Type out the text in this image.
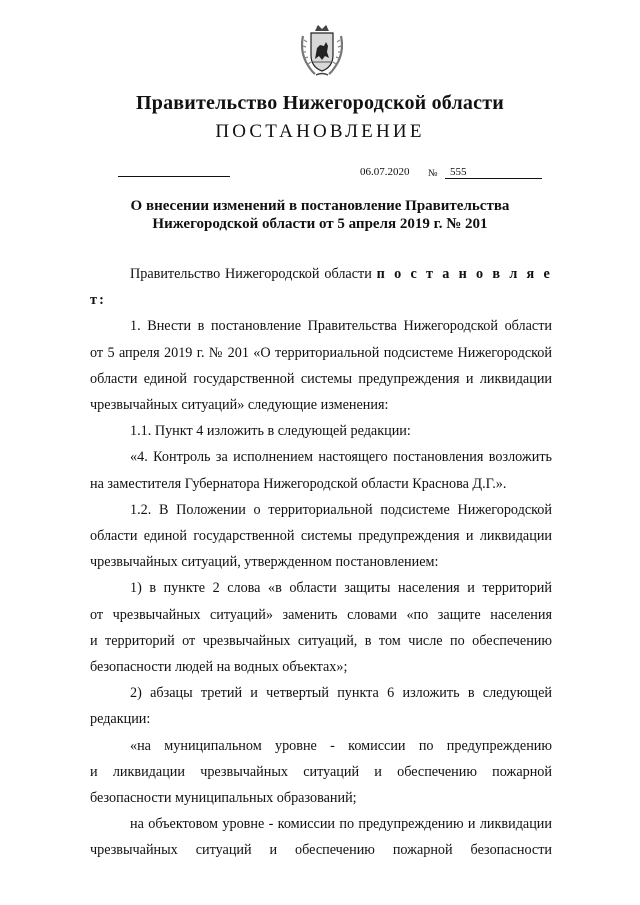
Правительство Нижегородской области
ПОСТАНОВЛЕНИЕ
06.07.2020 № 555
О внесении изменений в постановление Правительства
Нижегородской области от 5 апреля 2019 г. № 201

Правительство Нижегородской области п о с т а н о в л я е т:

1. Внести в постановление Правительства Нижегородской области

от 5 апреля 2019 г. № 201 «О территориальной подсистеме Нижегородской

области единой государственной системы предупреждения и ликвидации

чрезвычайных ситуаций» следующие изменения:

1.1. Пункт 4 изложить в следующей редакции:

«4. Контроль за исполнением настоящего постановления возложить

на заместителя Губернатора Нижегородской области Краснова Д.Г.».

1.2. В Положении о территориальной подсистеме Нижегородской

области единой государственной системы предупреждения и ликвидации

чрезвычайных ситуаций, утвержденном постановлением:

1) в пункте 2 слова «в области защиты населения и территорий

от чрезвычайных ситуаций» заменить словами «по защите населения

и территорий от чрезвычайных ситуаций, в том числе по обеспечению

безопасности людей на водных объектах»;

2) абзацы третий и четвертый пункта 6 изложить в следующей

редакции:

«на муниципальном уровне - комиссии по предупреждению

и ликвидации чрезвычайных ситуаций и обеспечению пожарной

безопасности муниципальных образований;

на объектовом уровне - комиссии по предупреждению и ликвидации

чрезвычайных ситуаций и обеспечению пожарной безопасности
